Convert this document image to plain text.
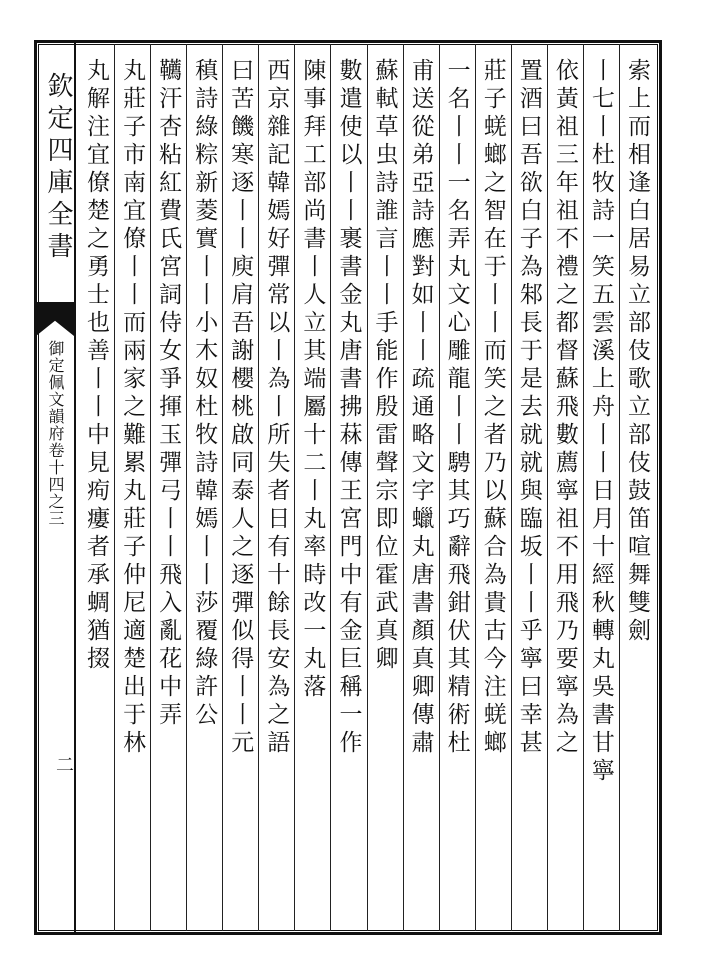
欽定四庫全書
御定佩文韻府卷十四之三
二
索上而相逢白居易立部伎歌立部伎鼓笛喧舞雙劍
丨七丨杜牧詩一笑五雲溪上舟丨丨日月十經秋轉丸吳書甘寧
依黃祖三年祖不禮之都督蘇飛數薦寧祖不用飛乃要寧為之
置酒曰吾欲白子為邾長于是去就就與臨坂丨丨乎寧曰幸甚
莊子蜣螂之智在于丨丨而笑之者乃以蘇合為貴古今注蜣螂
一名丨丨一名弄丸文心雕龍丨丨騁其巧辭飛鉗伏其精術杜
甫送從弟亞詩應對如丨丨疏通略文字蠟丸唐書顏真卿傳肅
蘇軾草虫詩誰言丨丨手能作殷雷聲宗即位霍武真卿
數遣使以丨丨裹書金丸唐書拂菻傳王宮門中有金巨稱一作
陳事拜工部尚書丨人立其端屬十二丨丸率時改一丸落
西京雜記韓嫣好彈常以丨為丨所失者日有十餘長安為之語
曰苦饑寒逐丨丨庾肩吾謝櫻桃啟同泰人之逐彈似得丨丨元
稹詩綠粽新菱實丨丨小木奴杜牧詩韓嫣丨丨莎覆綠許公
韉汗杏粘紅費氏宮詞侍女爭揮玉彈弓丨丨飛入亂花中弄
丸莊子市南宜僚丨丨而兩家之難累丸莊子仲尼適楚出于林
丸解注宜僚楚之勇士也善丨丨中見痀瘻者承蜩猶掇
